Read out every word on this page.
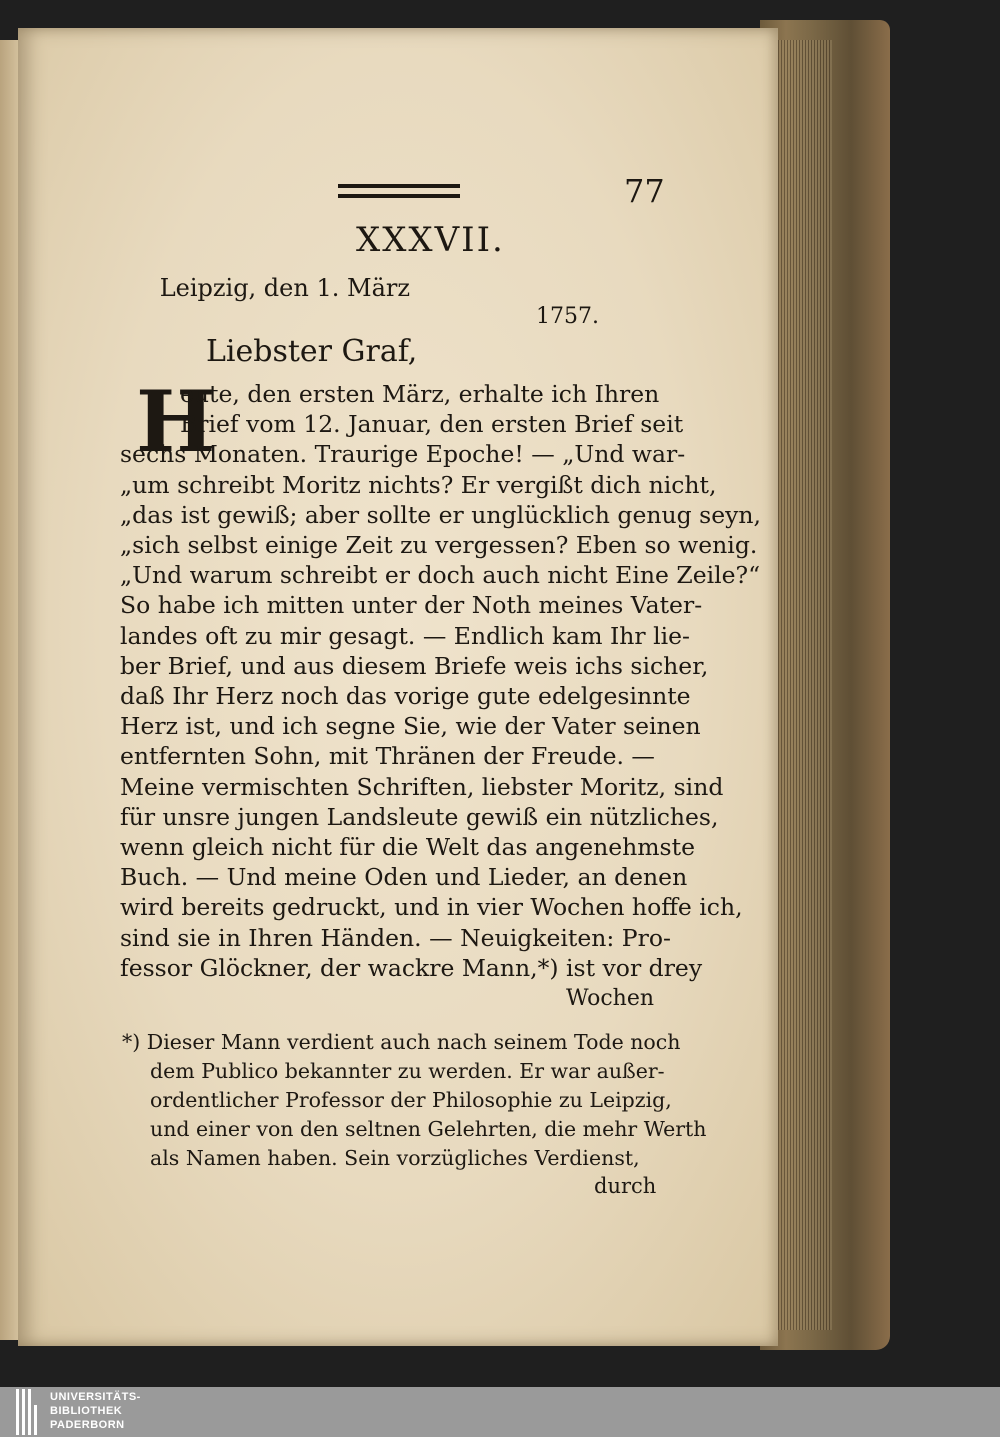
77
XXXVII.
Leipzig, den 1. März
1757.
Liebster Graf,
H
eute, den ersten März, erhalte ich Ihren
Brief vom 12. Januar, den ersten Brief seit
sechs Monaten. Traurige Epoche! — „Und war-
„um schreibt Moritz nichts? Er vergißt dich nicht,
„das ist gewiß; aber sollte er unglücklich genug seyn,
„sich selbst einige Zeit zu vergessen? Eben so wenig.
„Und warum schreibt er doch auch nicht Eine Zeile?“
So habe ich mitten unter der Noth meines Vater-
landes oft zu mir gesagt. — Endlich kam Ihr lie-
ber Brief, und aus diesem Briefe weis ichs sicher,
daß Ihr Herz noch das vorige gute edelgesinnte
Herz ist, und ich segne Sie, wie der Vater seinen
entfernten Sohn, mit Thränen der Freude. —
Meine vermischten Schriften, liebster Moritz, sind
für unsre jungen Landsleute gewiß ein nützliches,
wenn gleich nicht für die Welt das angenehmste
Buch. — Und meine Oden und Lieder, an denen
wird bereits gedruckt, und in vier Wochen hoffe ich,
sind sie in Ihren Händen. — Neuigkeiten: Pro-
fessor Glöckner, der wackre Mann,*) ist vor drey
Wochen
*) Dieser Mann verdient auch nach seinem Tode noch
dem Publico bekannter zu werden. Er war außer-
ordentlicher Professor der Philosophie zu Leipzig,
und einer von den seltnen Gelehrten, die mehr Werth
als Namen haben. Sein vorzügliches Verdienst,
durch
UNIVERSITÄTS-
BIBLIOTHEK
PADERBORN
